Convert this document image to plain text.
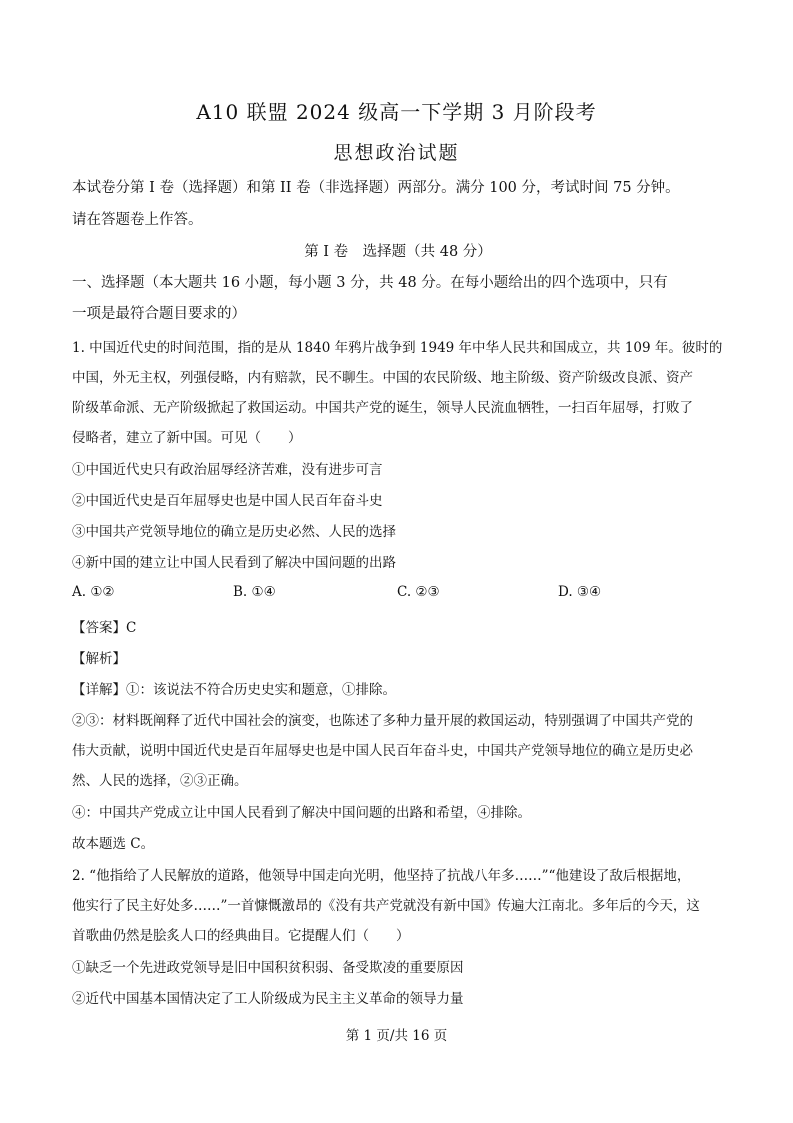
A10 联盟 2024 级高一下学期 3 月阶段考
思想政治试题
本试卷分第 I 卷（选择题）和第 II 卷（非选择题）两部分。满分 100 分，考试时间 75 分钟。
请在答题卷上作答。
第 I 卷　选择题（共 48 分）
一、选择题（本大题共 16 小题，每小题 3 分，共 48 分。在每小题给出的四个选项中，只有
一项是最符合题目要求的）
1. 中国近代史的时间范围，指的是从 1840 年鸦片战争到 1949 年中华人民共和国成立，共 109 年。彼时的
中国，外无主权，列强侵略，内有赔款，民不聊生。中国的农民阶级、地主阶级、资产阶级改良派、资产
阶级革命派、无产阶级掀起了救国运动。中国共产党的诞生，领导人民流血牺牲，一扫百年屈辱，打败了
侵略者，建立了新中国。可见（　　）
①中国近代史只有政治屈辱经济苦难，没有进步可言
②中国近代史是百年屈辱史也是中国人民百年奋斗史
③中国共产党领导地位的确立是历史必然、人民的选择
④新中国的建立让中国人民看到了解决中国问题的出路
A. ①②	B. ①④	C. ②③	D. ③④
【答案】C
【解析】
【详解】①：该说法不符合历史史实和题意，①排除。
②③：材料既阐释了近代中国社会的演变，也陈述了多种力量开展的救国运动，特别强调了中国共产党的
伟大贡献，说明中国近代史是百年屈辱史也是中国人民百年奋斗史，中国共产党领导地位的确立是历史必
然、人民的选择，②③正确。
④：中国共产党成立让中国人民看到了解决中国问题的出路和希望，④排除。
故本题选 C。
2. “他指给了人民解放的道路，他领导中国走向光明，他坚持了抗战八年多……”“他建设了敌后根据地，
他实行了民主好处多……”一首慷慨激昂的《没有共产党就没有新中国》传遍大江南北。多年后的今天，这
首歌曲仍然是脍炙人口的经典曲目。它提醒人们（　　）
①缺乏一个先进政党领导是旧中国积贫积弱、备受欺凌的重要原因
②近代中国基本国情决定了工人阶级成为民主主义革命的领导力量
第 1 页/共 16 页
